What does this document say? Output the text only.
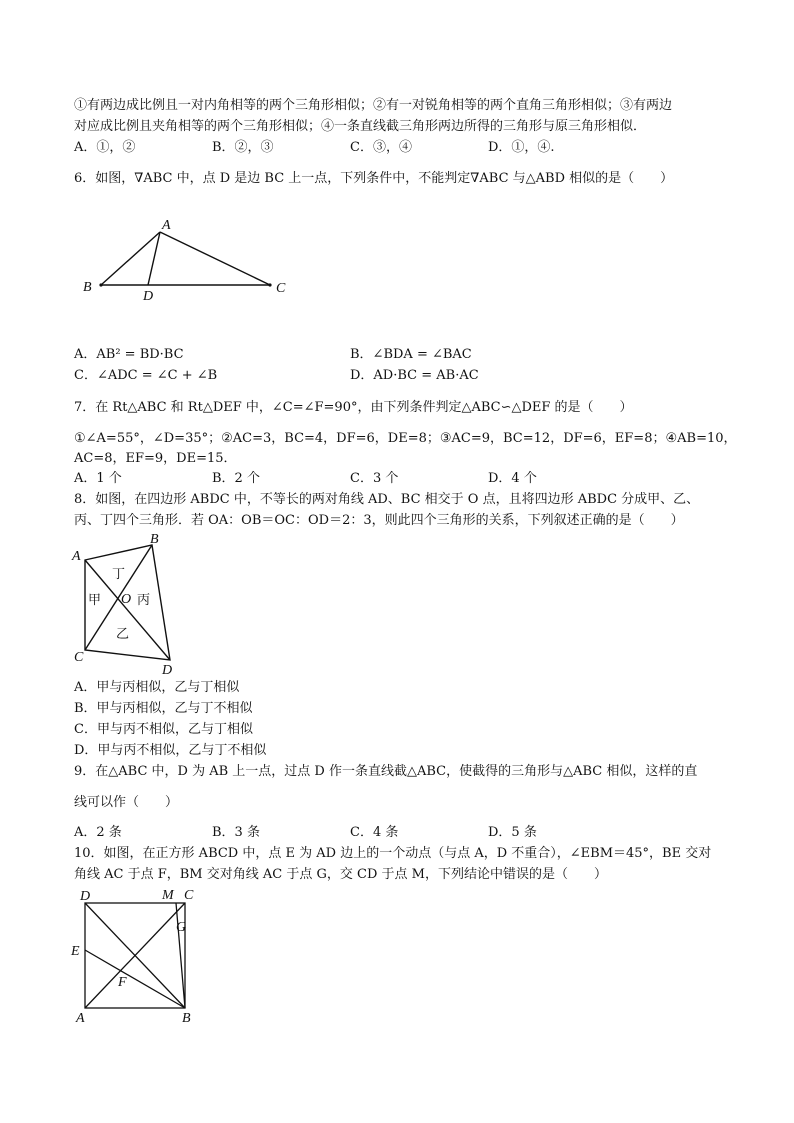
①有两边成比例且一对内角相等的两个三角形相似；②有一对锐角相等的两个直角三角形相似；③有两边
对应成比例且夹角相等的两个三角形相似；④一条直线截三角形两边所得的三角形与原三角形相似．
A．①，②	B．②，③	C．③，④	D．①，④.
6．如图，∇ABC 中，点 D 是边 BC 上一点，下列条件中，不能判定∇ABC 与△ABD 相似的是（　　）
A
B	C
D
A．AB² = BD·BC	B．∠BDA = ∠BAC
C．∠ADC = ∠C + ∠B	D．AD·BC = AB·AC
7．在 Rt△ABC 和 Rt△DEF 中，∠C=∠F=90°，由下列条件判定△ABC∽△DEF 的是（　　）
①∠A=55°，∠D=35°；②AC=3，BC=4，DF=6，DE=8；③AC=9，BC=12，DF=6，EF=8；④AB=10，
AC=8，EF=9，DE=15．
A．1 个	B．2 个	C．3 个	D．4 个
8．如图，在四边形 ABDC 中，不等长的两对角线 AD、BC 相交于 O 点，且将四边形 ABDC 分成甲、乙、
丙、丁四个三角形．若 OA：OB＝OC：OD＝2：3，则此四个三角形的关系，下列叙述正确的是（　　）
A
B
C
D
O
甲
乙
丙
丁
A．甲与丙相似，乙与丁相似
B．甲与丙相似，乙与丁不相似
C．甲与丙不相似，乙与丁相似
D．甲与丙不相似，乙与丁不相似
9．在△ABC 中，D 为 AB 上一点，过点 D 作一条直线截△ABC，使截得的三角形与△ABC 相似，这样的直
线可以作（　　）
A．2 条	B．3 条	C．4 条	D．5 条
10．如图，在正方形 ABCD 中，点 E 为 AD 边上的一个动点（与点 A，D 不重合），∠EBM＝45°，BE 交对
角线 AC 于点 F，BM 交对角线 AC 于点 G，交 CD 于点 M，下列结论中错误的是（　　）
D	M C
G
E
F
A	B
